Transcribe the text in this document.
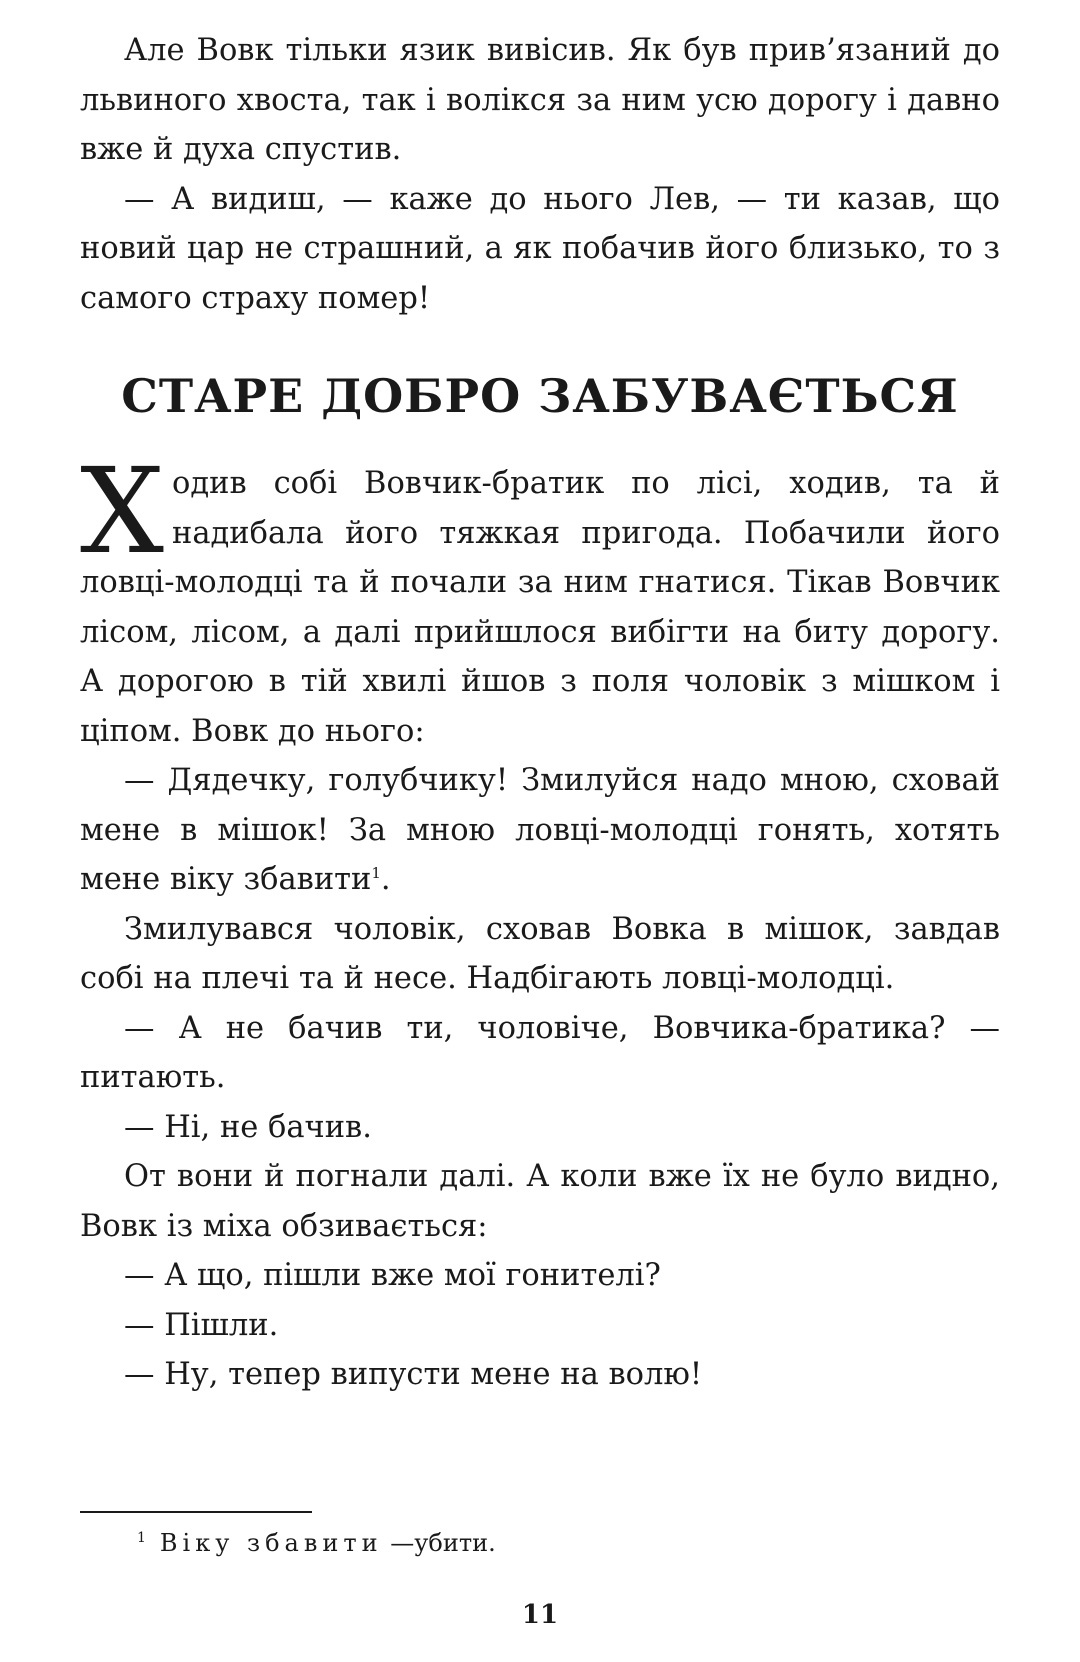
Але Вовк тільки язик вивісив. Як був прив’язаний до львиного хвоста, так і волікся за ним усю дорогу і давно вже й духа спустив.

— А видиш, — каже до нього Лев, — ти казав, що новий цар не страшний, а як побачив його близько, то з самого страху помер!

СТАРЕ ДОБРО ЗАБУВАЄТЬСЯ

Ходив собі Вовчик-братик по лісі, ходив, та й надибала його тяжкая пригода. Побачили його ловці-молодці та й почали за ним гнатися. Тікав Вовчик лісом, лісом, а далі прийшлося вибігти на биту дорогу. А дорогою в тій хвилі йшов з поля чоловік з мішком і ціпом. Вовк до нього:

— Дядечку, голубчику! Змилуйся надо мною, сховай мене в мішок! За мною ловці-молодці гонять, хотять мене віку збавити$^1$.

Змилувався чоловік, сховав Вовка в мішок, завдав собі на плечі та й несе. Надбігають ловці-молодці.

— А не бачив ти, чоловіче, Вовчика-братика? — питають.

— Ні, не бачив.

От вони й погнали далі. А коли вже їх не було видно, Вовк із міха обзивається:

— А що, пішли вже мої гонителі?

— Пішли.

— Ну, тепер випусти мене на волю!

$^1$ Віку збавити —убити.
11
